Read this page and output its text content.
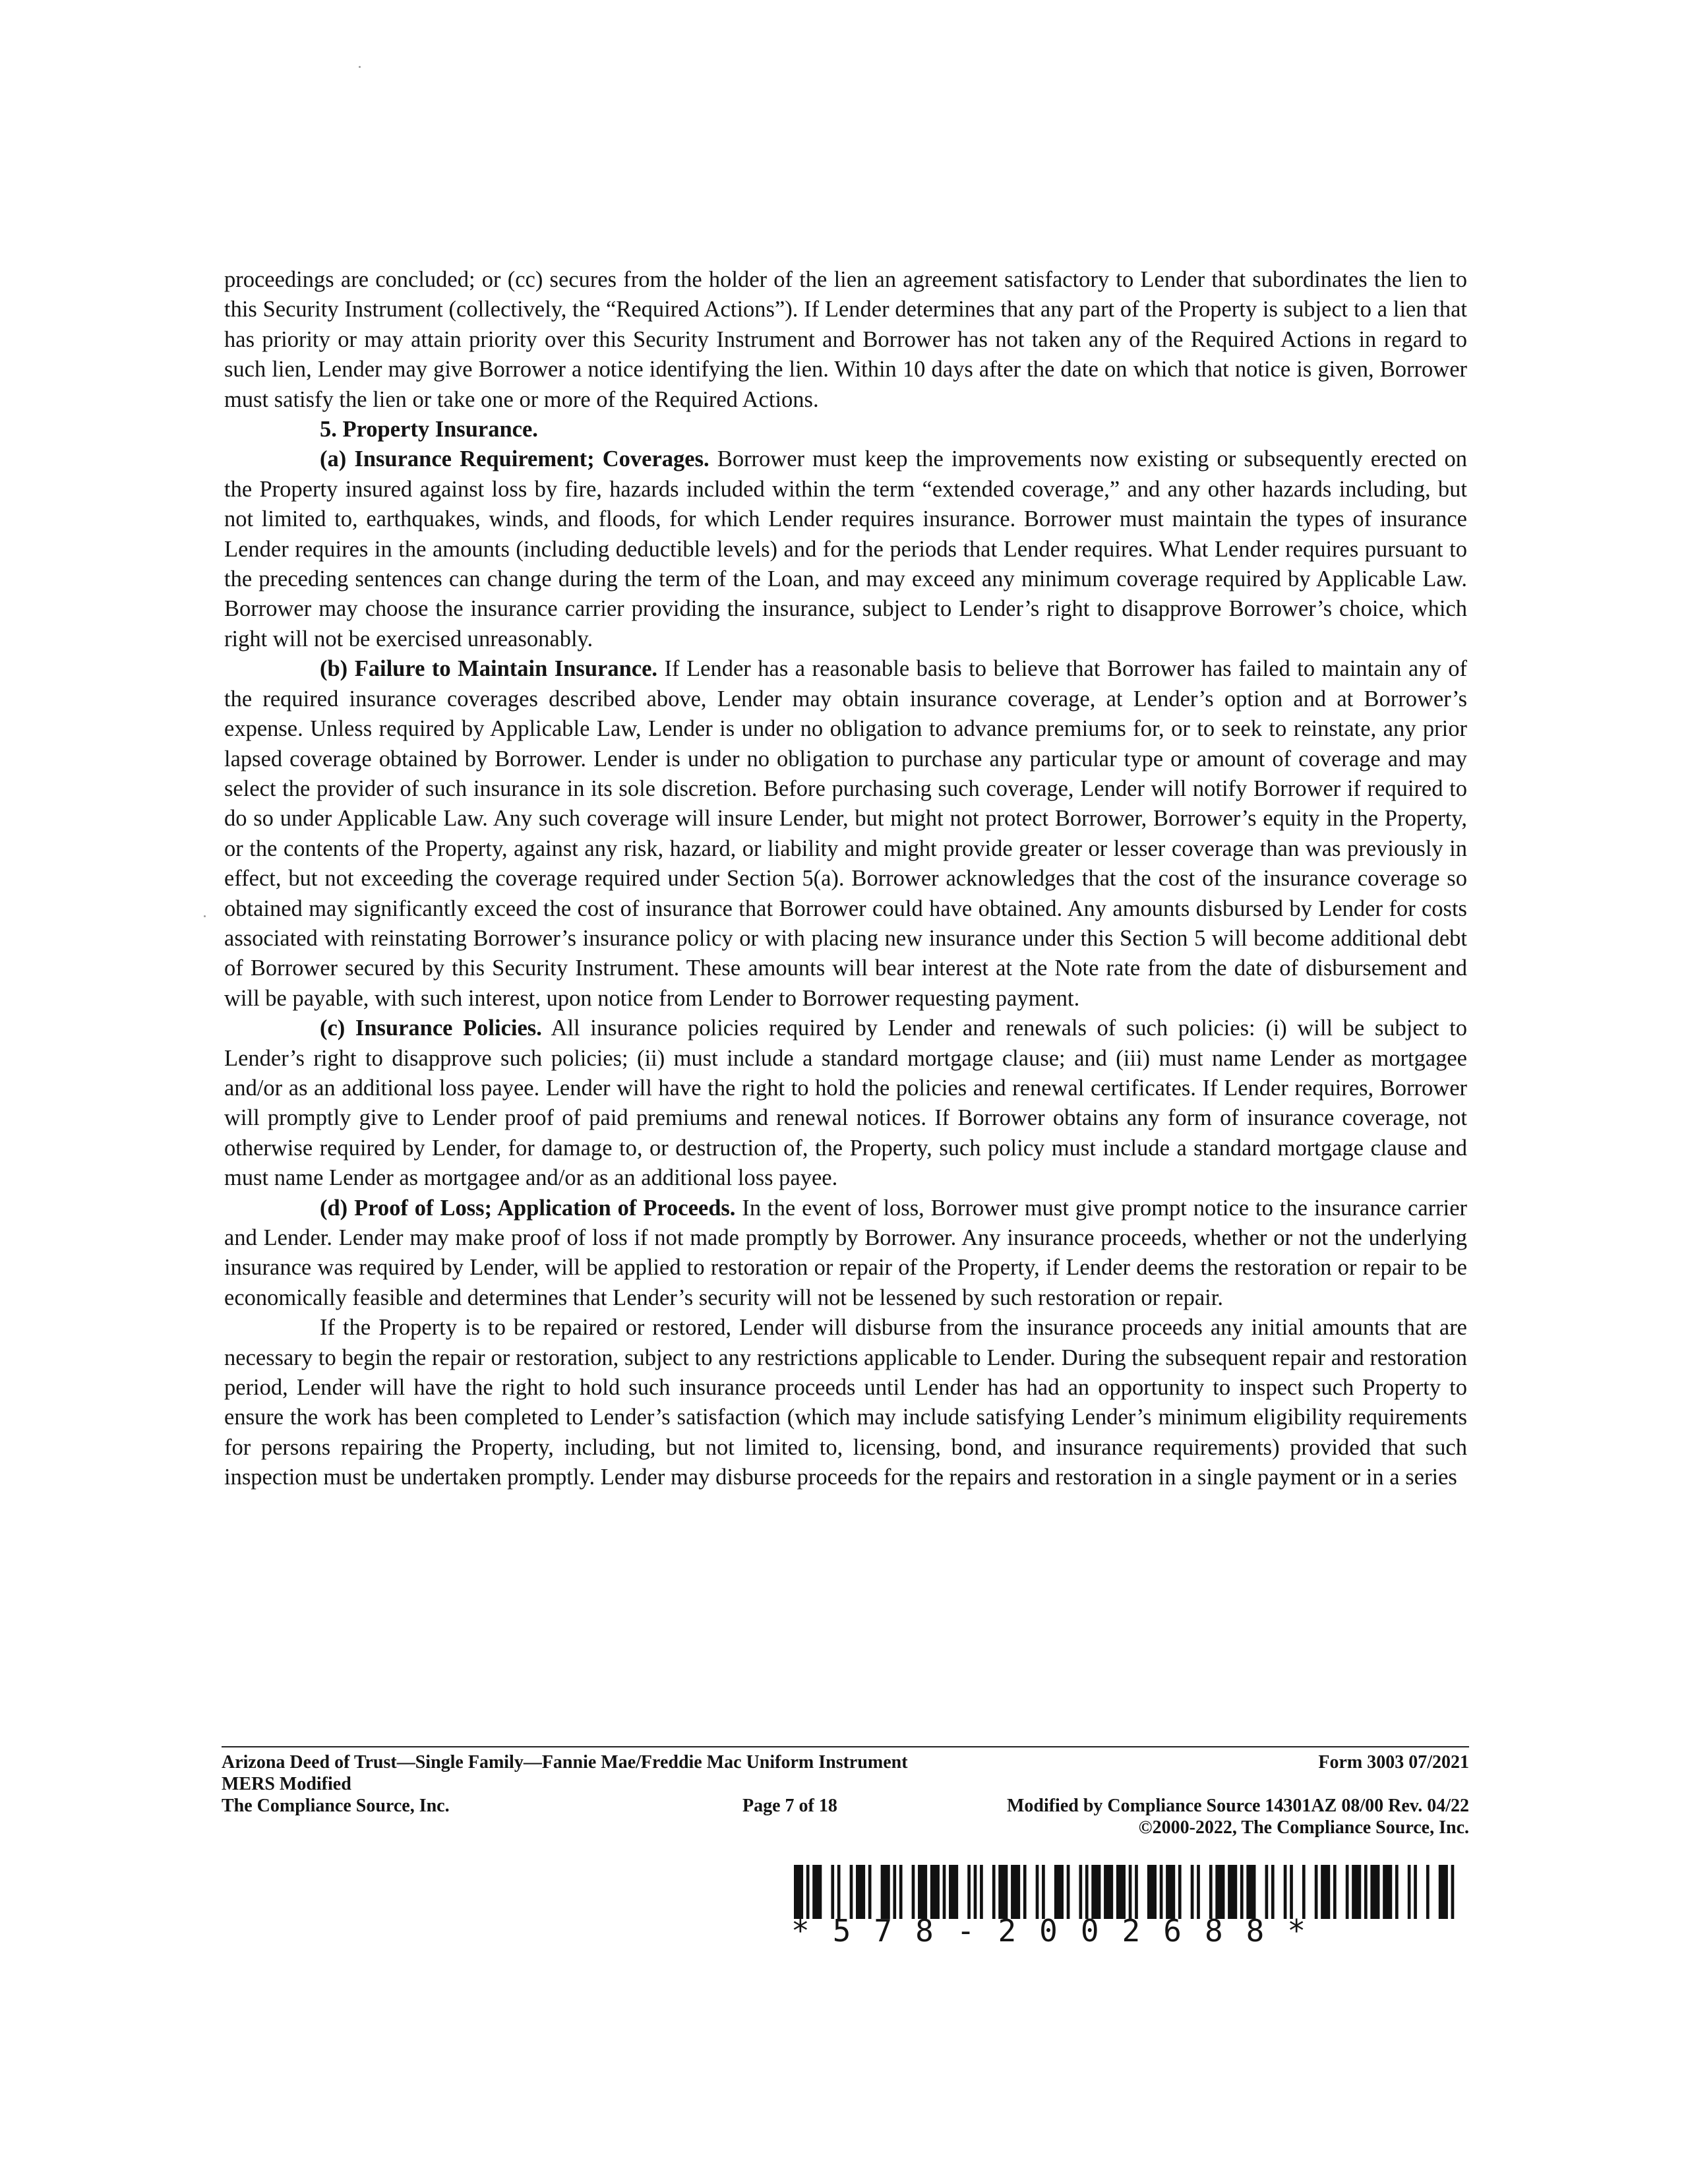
proceedings are concluded; or (cc) secures from the holder of the lien an agreement satisfactory to Lender that subordinates the lien to this Security Instrument (collectively, the “Required Actions”). If Lender determines that any part of the Property is subject to a lien that has priority or may attain priority over this Security Instrument and Borrower has not taken any of the Required Actions in regard to such lien, Lender may give Borrower a notice identifying the lien. Within 10 days after the date on which that notice is given, Borrower must satisfy the lien or take one or more of the Required Actions.

5. Property Insurance.

(a) Insurance Requirement; Coverages. Borrower must keep the improvements now existing or subsequently erected on the Property insured against loss by fire, hazards included within the term “extended coverage,” and any other hazards including, but not limited to, earthquakes, winds, and floods, for which Lender requires insurance. Borrower must maintain the types of insurance Lender requires in the amounts (including deductible levels) and for the periods that Lender requires. What Lender requires pursuant to the preceding sentences can change during the term of the Loan, and may exceed any minimum coverage required by Applicable Law. Borrower may choose the insurance carrier providing the insurance, subject to Lender’s right to disapprove Borrower’s choice, which right will not be exercised unreasonably.

(b) Failure to Maintain Insurance. If Lender has a reasonable basis to believe that Borrower has failed to maintain any of the required insurance coverages described above, Lender may obtain insurance coverage, at Lender’s option and at Borrower’s expense. Unless required by Applicable Law, Lender is under no obligation to advance premiums for, or to seek to reinstate, any prior lapsed coverage obtained by Borrower. Lender is under no obligation to purchase any particular type or amount of coverage and may select the provider of such insurance in its sole discretion. Before purchasing such coverage, Lender will notify Borrower if required to do so under Applicable Law. Any such coverage will insure Lender, but might not protect Borrower, Borrower’s equity in the Property, or the contents of the Property, against any risk, hazard, or liability and might provide greater or lesser coverage than was previously in effect, but not exceeding the coverage required under Section 5(a). Borrower acknowledges that the cost of the insurance coverage so obtained may significantly exceed the cost of insurance that Borrower could have obtained. Any amounts disbursed by Lender for costs associated with reinstating Borrower’s insurance policy or with placing new insurance under this Section 5 will become additional debt of Borrower secured by this Security Instrument. These amounts will bear interest at the Note rate from the date of disbursement and will be payable, with such interest, upon notice from Lender to Borrower requesting payment.

(c) Insurance Policies. All insurance policies required by Lender and renewals of such policies: (i) will be subject to Lender’s right to disapprove such policies; (ii) must include a standard mortgage clause; and (iii) must name Lender as mortgagee and/or as an additional loss payee. Lender will have the right to hold the policies and renewal certificates. If Lender requires, Borrower will promptly give to Lender proof of paid premiums and renewal notices. If Borrower obtains any form of insurance coverage, not otherwise required by Lender, for damage to, or destruction of, the Property, such policy must include a standard mortgage clause and must name Lender as mortgagee and/or as an additional loss payee.

(d) Proof of Loss; Application of Proceeds. In the event of loss, Borrower must give prompt notice to the insurance carrier and Lender. Lender may make proof of loss if not made promptly by Borrower. Any insurance proceeds, whether or not the underlying insurance was required by Lender, will be applied to restoration or repair of the Property, if Lender deems the restoration or repair to be economically feasible and determines that Lender’s security will not be lessened by such restoration or repair.

If the Property is to be repaired or restored, Lender will disburse from the insurance proceeds any initial amounts that are necessary to begin the repair or restoration, subject to any restrictions applicable to Lender. During the subsequent repair and restoration period, Lender will have the right to hold such insurance proceeds until Lender has had an opportunity to inspect such Property to ensure the work has been completed to Lender’s satisfaction (which may include satisfying Lender’s minimum eligibility requirements for persons repairing the Property, including, but not limited to, licensing, bond, and insurance requirements) provided that such inspection must be undertaken promptly. Lender may disburse proceeds for the repairs and restoration in a single payment or in a series

Arizona Deed of Trust—Single Family—Fannie Mae/Freddie Mac Uniform Instrument	Form 3003 07/2021
MERS Modified
The Compliance Source, Inc.	Page 7 of 18	Modified by Compliance Source 14301AZ 08/00 Rev. 04/22
©2000-2022, The Compliance Source, Inc.
*578-2002688*
